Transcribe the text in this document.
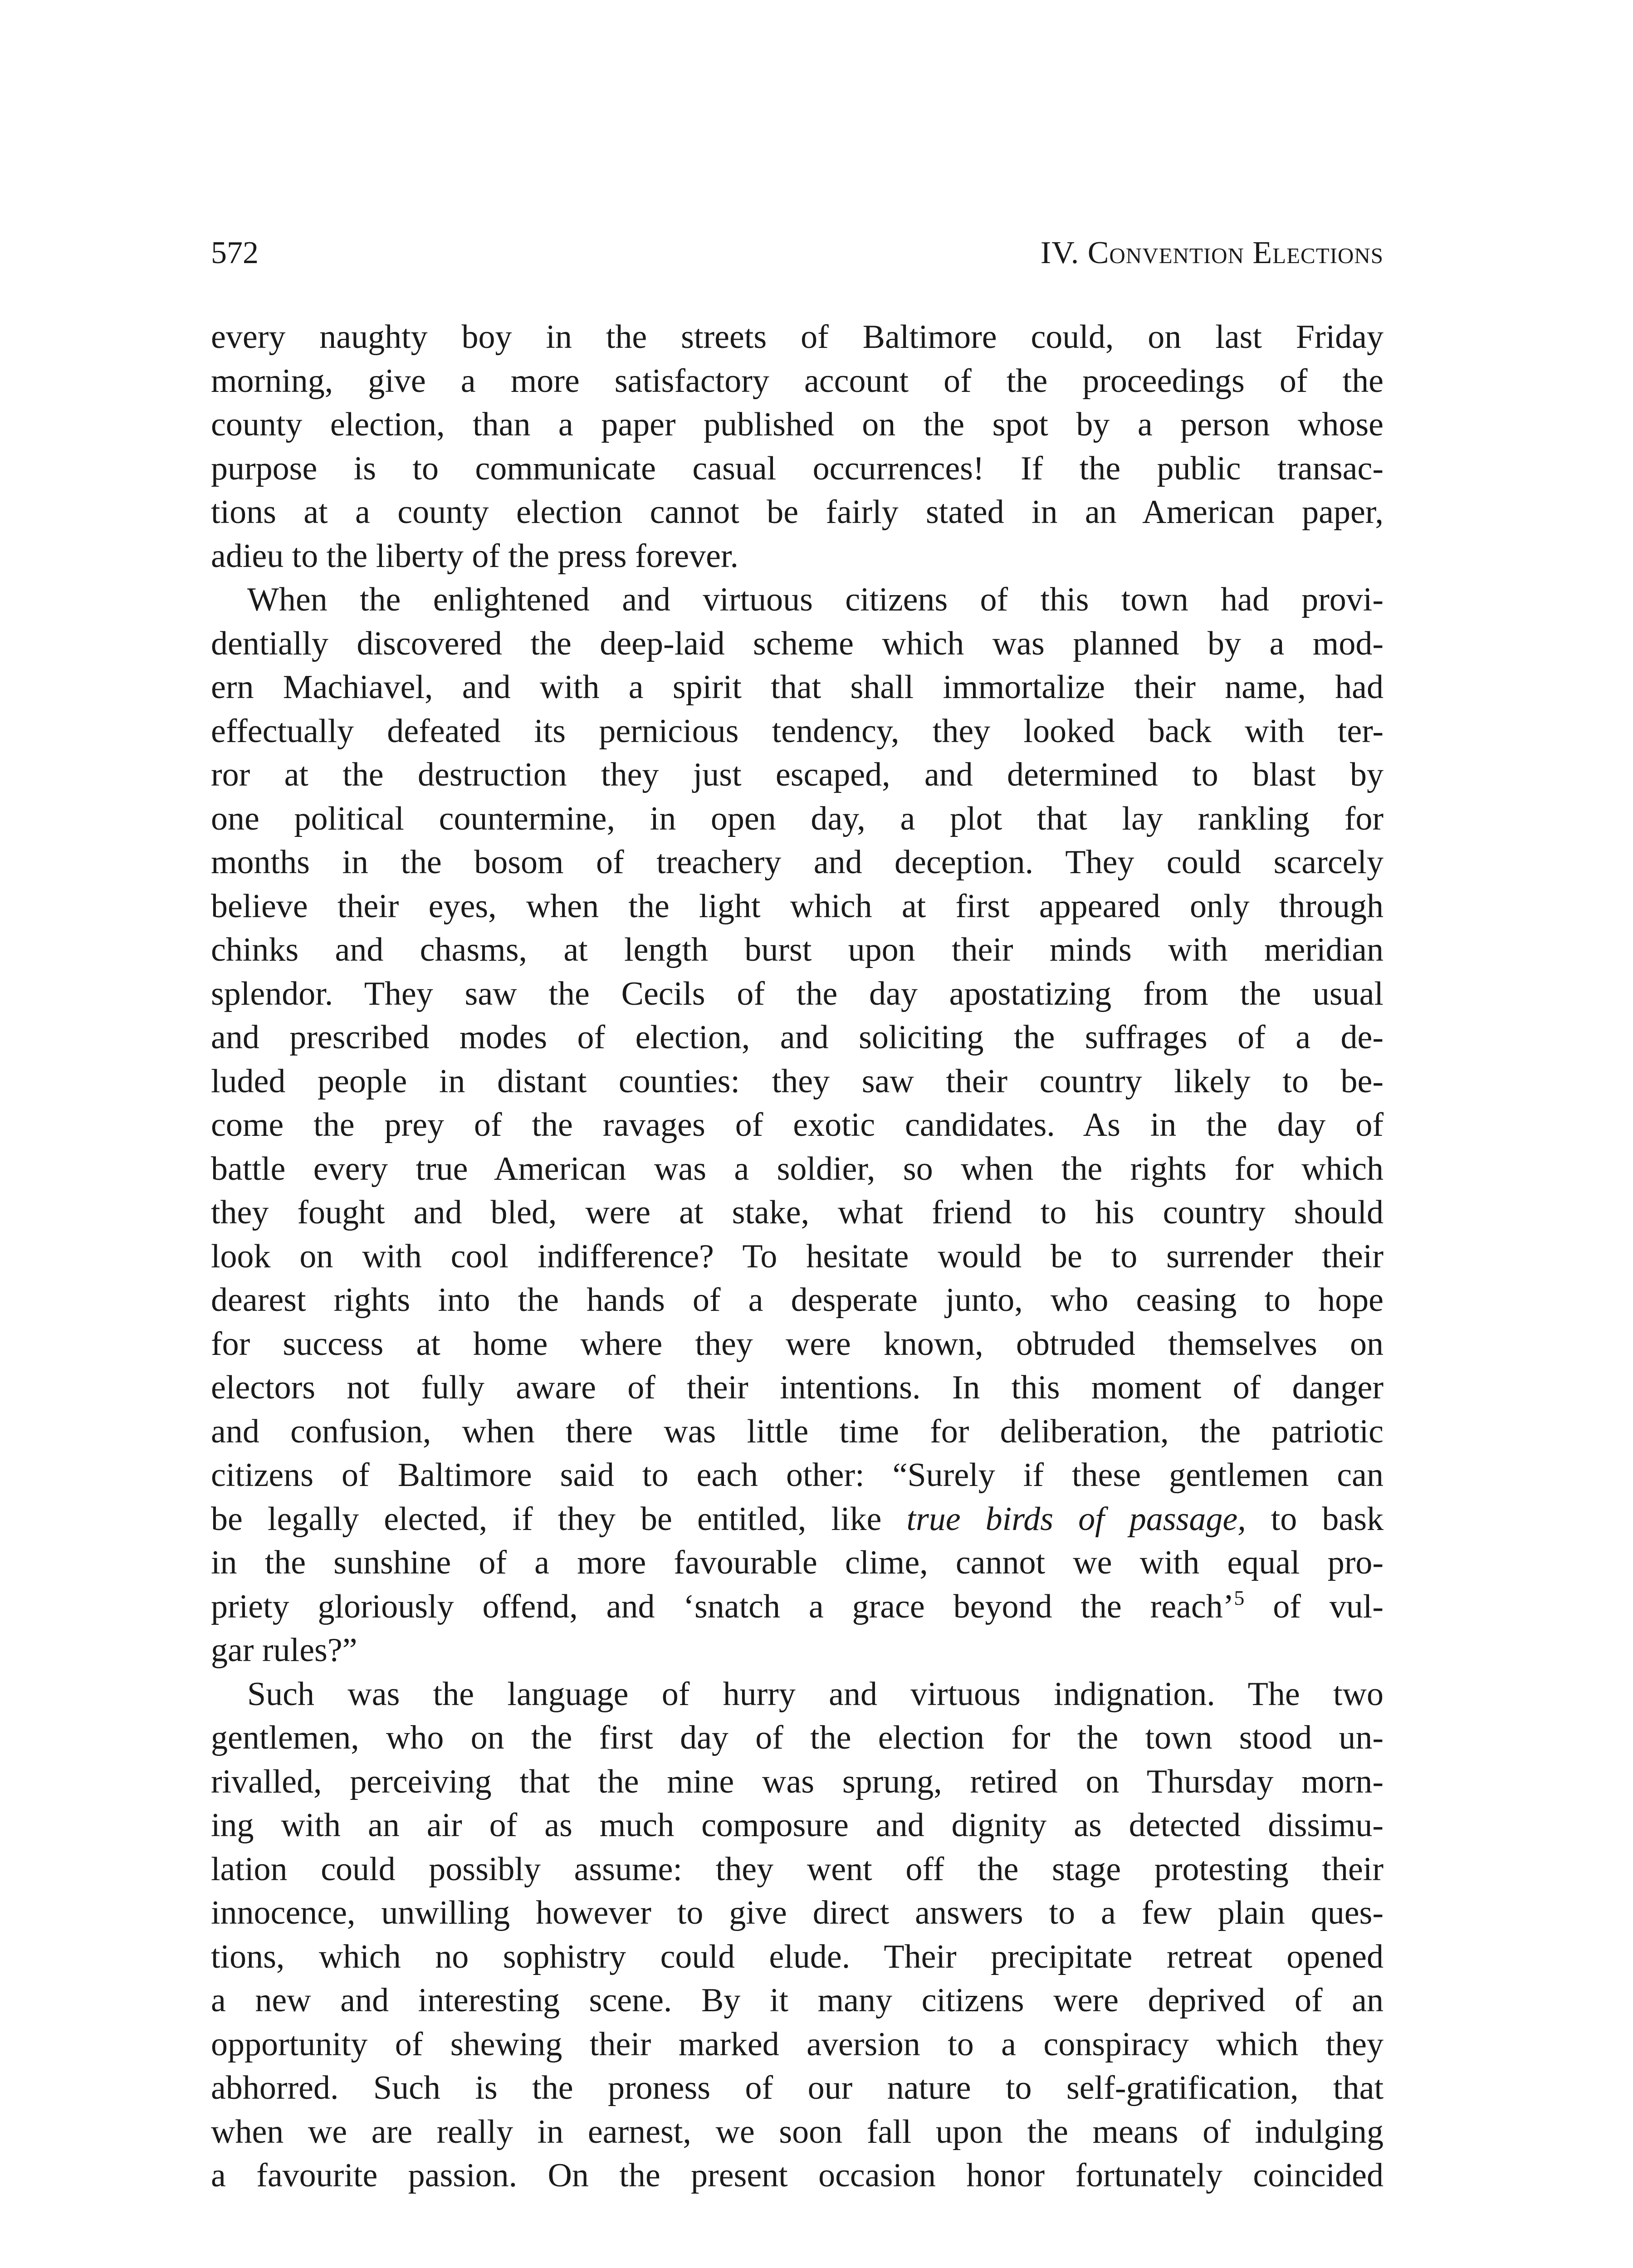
572	IV. Convention Elections

every naughty boy in the streets of Baltimore could, on last Friday
morning, give a more satisfactory account of the proceedings of the
county election, than a paper published on the spot by a person whose
purpose is to communicate casual occurrences! If the public transac-
tions at a county election cannot be fairly stated in an American paper,
adieu to the liberty of the press forever.

When the enlightened and virtuous citizens of this town had provi-
dentially discovered the deep-laid scheme which was planned by a mod-
ern Machiavel, and with a spirit that shall immortalize their name, had
effectually defeated its pernicious tendency, they looked back with ter-
ror at the destruction they just escaped, and determined to blast by
one political countermine, in open day, a plot that lay rankling for
months in the bosom of treachery and deception. They could scarcely
believe their eyes, when the light which at first appeared only through
chinks and chasms, at length burst upon their minds with meridian
splendor. They saw the Cecils of the day apostatizing from the usual
and prescribed modes of election, and soliciting the suffrages of a de-
luded people in distant counties: they saw their country likely to be-
come the prey of the ravages of exotic candidates. As in the day of
battle every true American was a soldier, so when the rights for which
they fought and bled, were at stake, what friend to his country should
look on with cool indifference? To hesitate would be to surrender their
dearest rights into the hands of a desperate junto, who ceasing to hope
for success at home where they were known, obtruded themselves on
electors not fully aware of their intentions. In this moment of danger
and confusion, when there was little time for deliberation, the patriotic
citizens of Baltimore said to each other: “Surely if these gentlemen can
be legally elected, if they be entitled, like true birds of passage, to bask
in the sunshine of a more favourable clime, cannot we with equal pro-
priety gloriously offend, and ‘snatch a grace beyond the reach’$^5$ of vul-
gar rules?”

Such was the language of hurry and virtuous indignation. The two
gentlemen, who on the first day of the election for the town stood un-
rivalled, perceiving that the mine was sprung, retired on Thursday morn-
ing with an air of as much composure and dignity as detected dissimu-
lation could possibly assume: they went off the stage protesting their
innocence, unwilling however to give direct answers to a few plain ques-
tions, which no sophistry could elude. Their precipitate retreat opened
a new and interesting scene. By it many citizens were deprived of an
opportunity of shewing their marked aversion to a conspiracy which they
abhorred. Such is the proness of our nature to self-gratification, that
when we are really in earnest, we soon fall upon the means of indulging
a favourite passion. On the present occasion honor fortunately coincided
